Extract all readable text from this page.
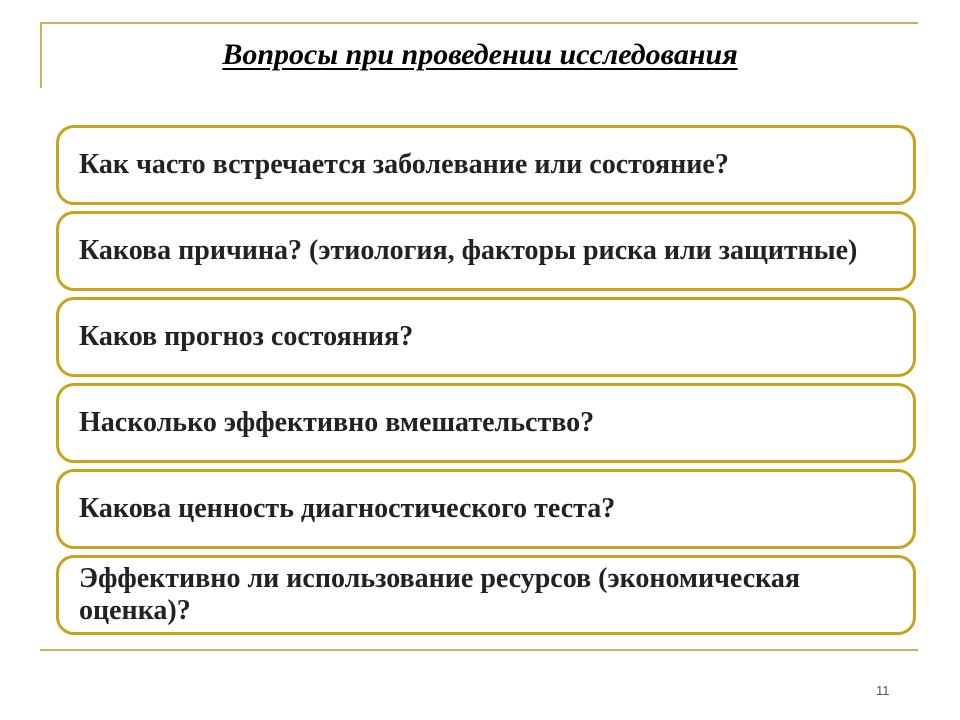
Вопросы при проведении исследования
Как часто встречается заболевание или состояние?
Какова причина? (этиология, факторы риска или защитные)
Каков прогноз состояния?
Насколько эффективно вмешательство?
Какова ценность диагностического теста?
Эффективно ли использование ресурсов (экономическая оценка)?
11
